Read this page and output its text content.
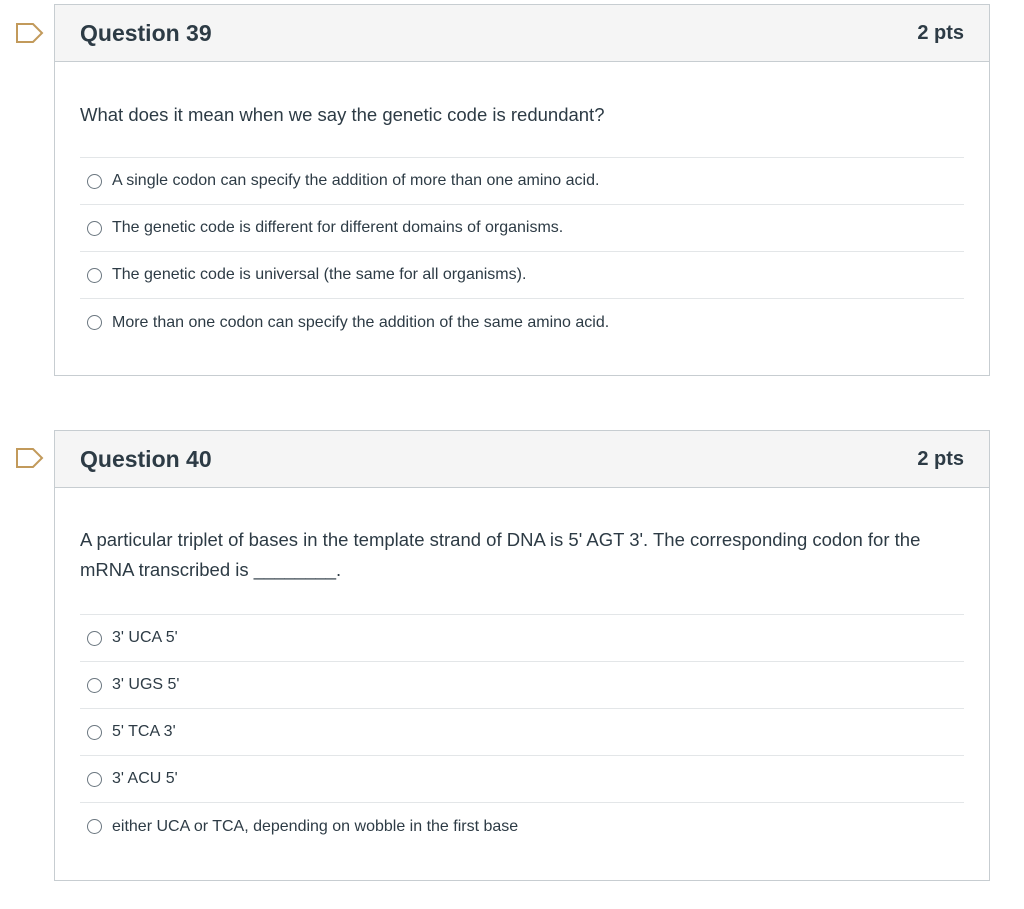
Question 39	2 pts
What does it mean when we say the genetic code is redundant?
A single codon can specify the addition of more than one amino acid.
The genetic code is different for different domains of organisms.
The genetic code is universal (the same for all organisms).
More than one codon can specify the addition of the same amino acid.
Question 40	2 pts
A particular triplet of bases in the template strand of DNA is 5' AGT 3'. The corresponding codon for the mRNA transcribed is ________.
3' UCA 5'
3' UGS 5'
5' TCA 3'
3' ACU 5'
either UCA or TCA, depending on wobble in the first base
